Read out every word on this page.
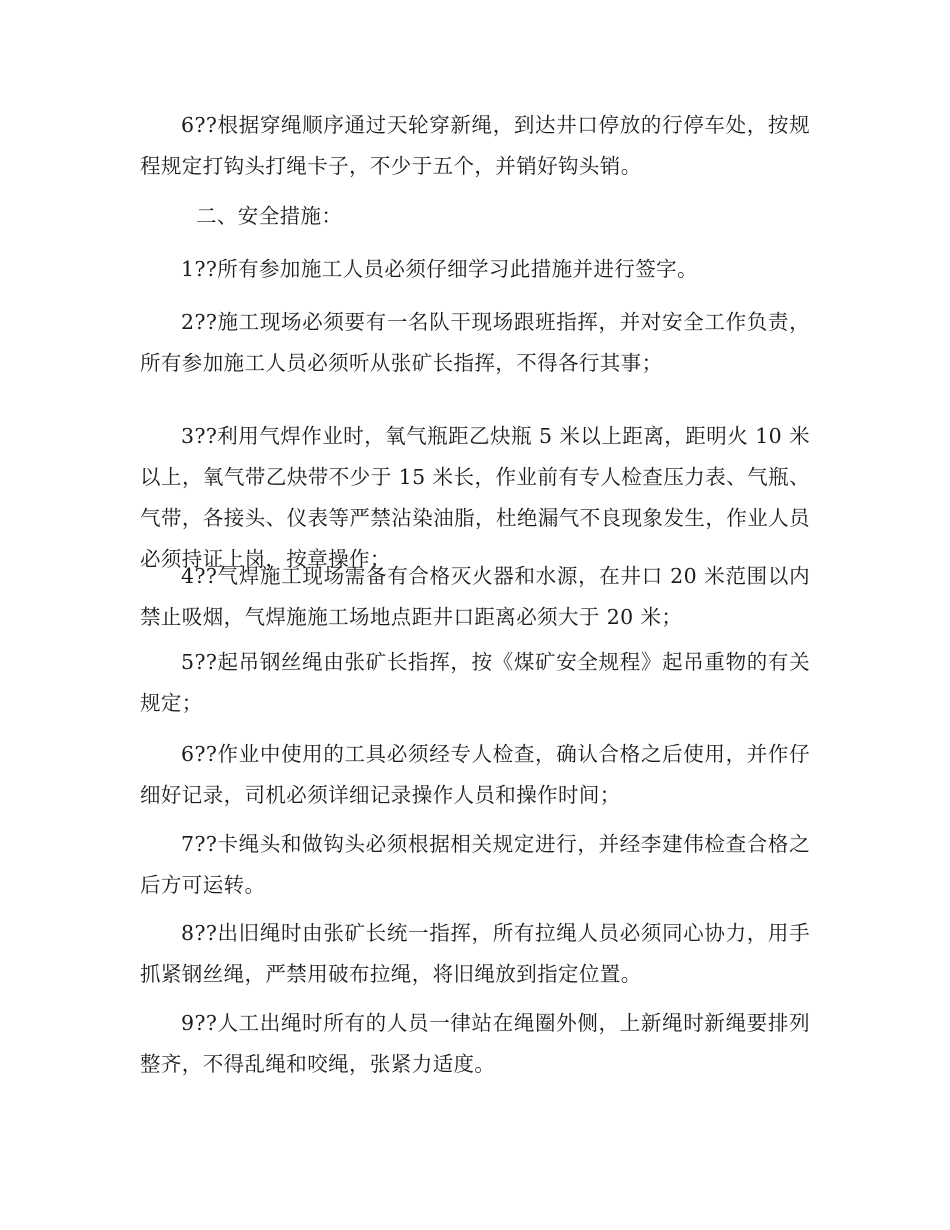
6??根据穿绳顺序通过天轮穿新绳，到达井口停放的行停车处，按规程规定打钩头打绳卡子，不少于五个，并销好钩头销。

二、安全措施：

1??所有参加施工人员必须仔细学习此措施并进行签字。

2??施工现场必须要有一名队干现场跟班指挥，并对安全工作负责，所有参加施工人员必须听从张矿长指挥，不得各行其事；

3??利用气焊作业时，氧气瓶距乙炔瓶 5 米以上距离，距明火 10 米以上，氧气带乙炔带不少于 15 米长，作业前有专人检查压力表、气瓶、气带，各接头、仪表等严禁沾染油脂，杜绝漏气不良现象发生，作业人员必须持证上岗，按章操作；

4??气焊施工现场需备有合格灭火器和水源，在井口 20 米范围以内禁止吸烟，气焊施施工场地点距井口距离必须大于 20 米；

5??起吊钢丝绳由张矿长指挥，按《煤矿安全规程》起吊重物的有关规定；

6??作业中使用的工具必须经专人检查，确认合格之后使用，并作仔细好记录，司机必须详细记录操作人员和操作时间；

7??卡绳头和做钩头必须根据相关规定进行，并经李建伟检查合格之后方可运转。

8??出旧绳时由张矿长统一指挥，所有拉绳人员必须同心协力，用手抓紧钢丝绳，严禁用破布拉绳，将旧绳放到指定位置。

9??人工出绳时所有的人员一律站在绳圈外侧，上新绳时新绳要排列整齐，不得乱绳和咬绳，张紧力适度。
